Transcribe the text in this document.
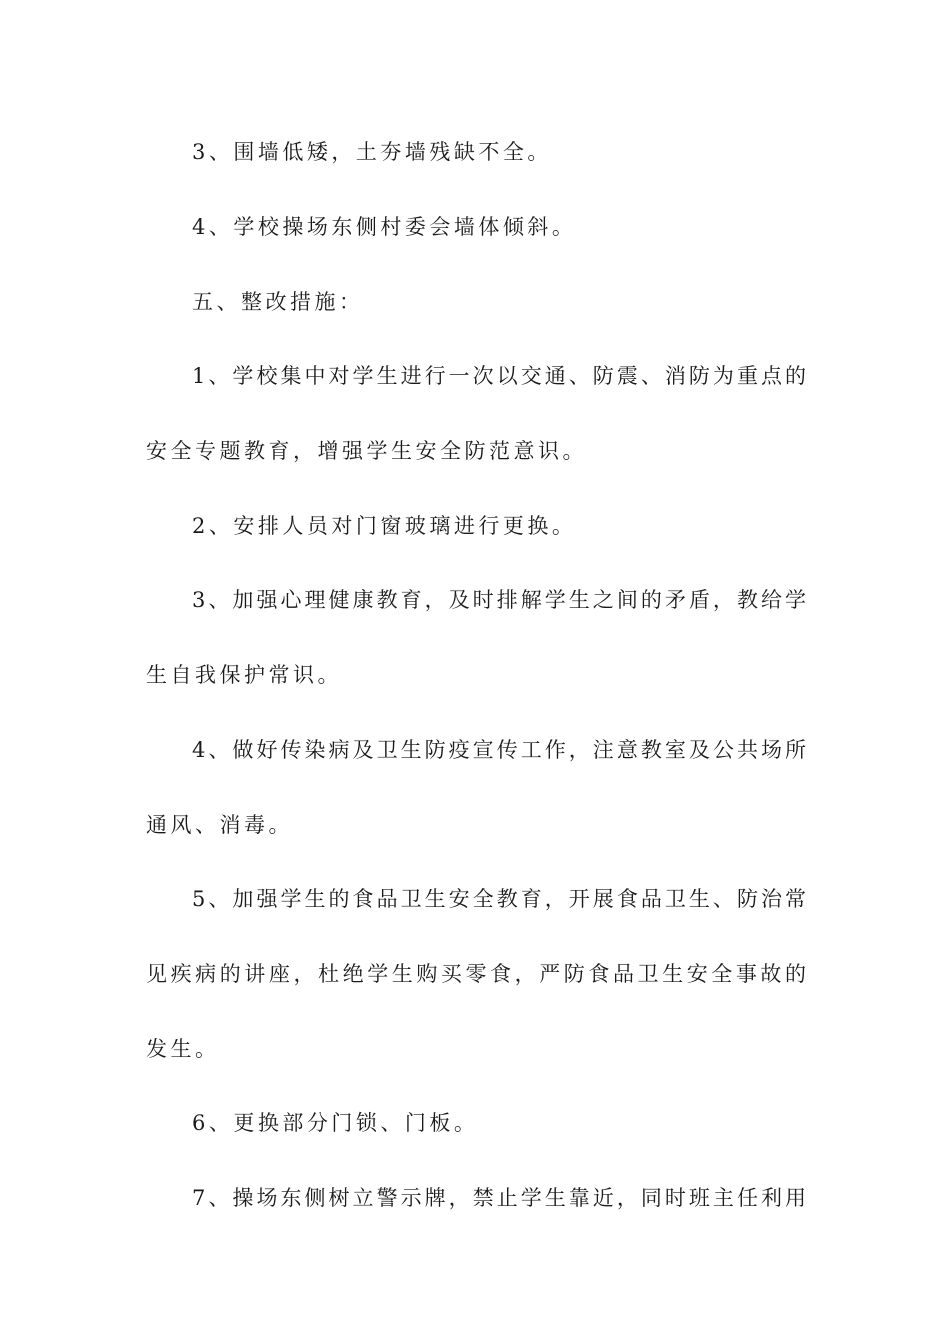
3、围墙低矮，土夯墙残缺不全。
4、学校操场东侧村委会墙体倾斜。
五、整改措施：
1、学校集中对学生进行一次以交通、防震、消防为重点的
安全专题教育，增强学生安全防范意识。
2、安排人员对门窗玻璃进行更换。
3、加强心理健康教育，及时排解学生之间的矛盾，教给学
生自我保护常识。
4、做好传染病及卫生防疫宣传工作，注意教室及公共场所
通风、消毒。
5、加强学生的食品卫生安全教育，开展食品卫生、防治常
见疾病的讲座，杜绝学生购买零食，严防食品卫生安全事故的
发生。
6、更换部分门锁、门板。
7、操场东侧树立警示牌，禁止学生靠近，同时班主任利用
